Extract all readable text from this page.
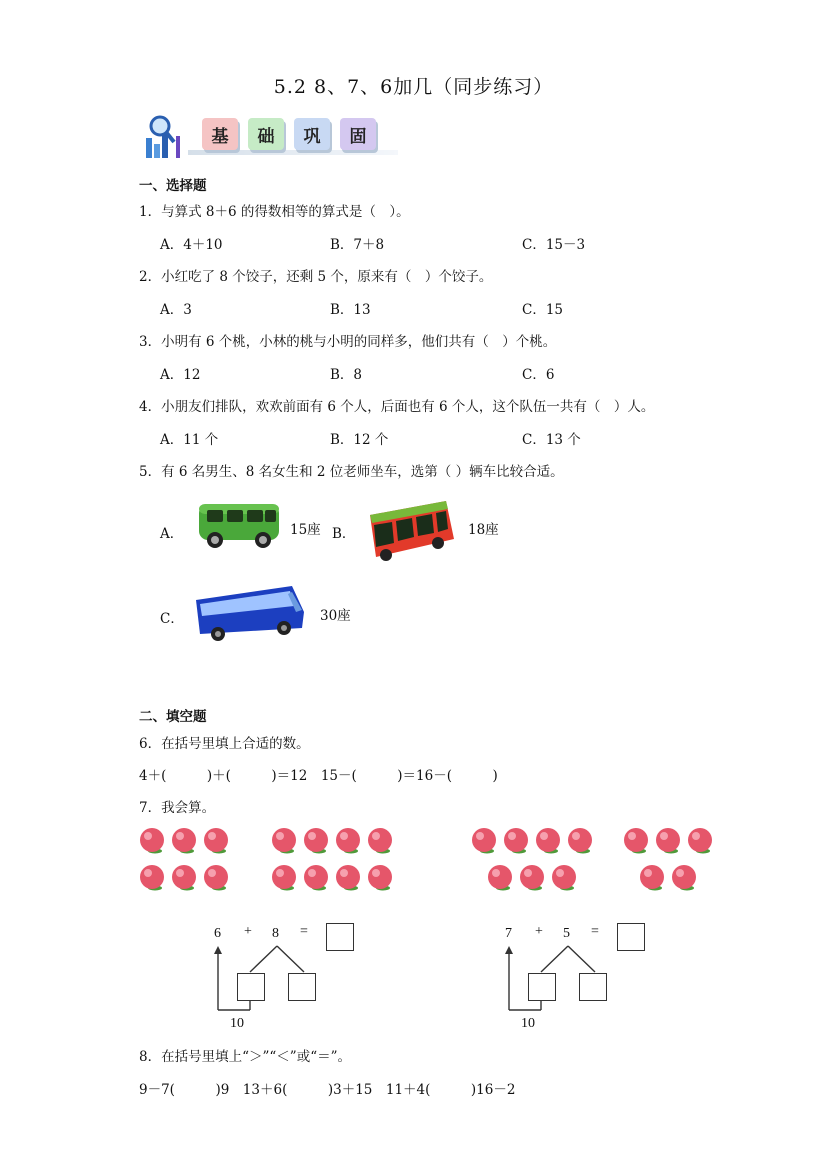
5.2 8、7、6加几（同步练习）
基	础	巩	固
一、选择题
1．与算式 8＋6 的得数相等的算式是（　）。
A．4＋10	B．7＋8	C．15－3
2．小红吃了 8 个饺子，还剩 5 个，原来有（　）个饺子。
A．3	B．13	C．15
3．小明有 6 个桃，小林的桃与小明的同样多，他们共有（　）个桃。
A．12	B．8	C．6
4．小朋友们排队，欢欢前面有 6 个人，后面也有 6 个人，这个队伍一共有（　）人。
A．11 个	B．12 个	C．13 个
5．有 6 名男生、8 名女生和 2 位老师坐车，选第（ ）辆车比较合适。
A．	15座 B．	18座
C．	30座
二、填空题
6．在括号里填上合适的数。
4＋(　　　)＋(　　　)＝12　15－(　　　)＝16－(　　　)
7．我会算。
6 + 8 =
10
7 + 5 =
10
8．在括号里填上“＞”“＜”或“＝”。
9－7(　　　)9　13＋6(　　　)3＋15　11＋4(　　　)16－2
